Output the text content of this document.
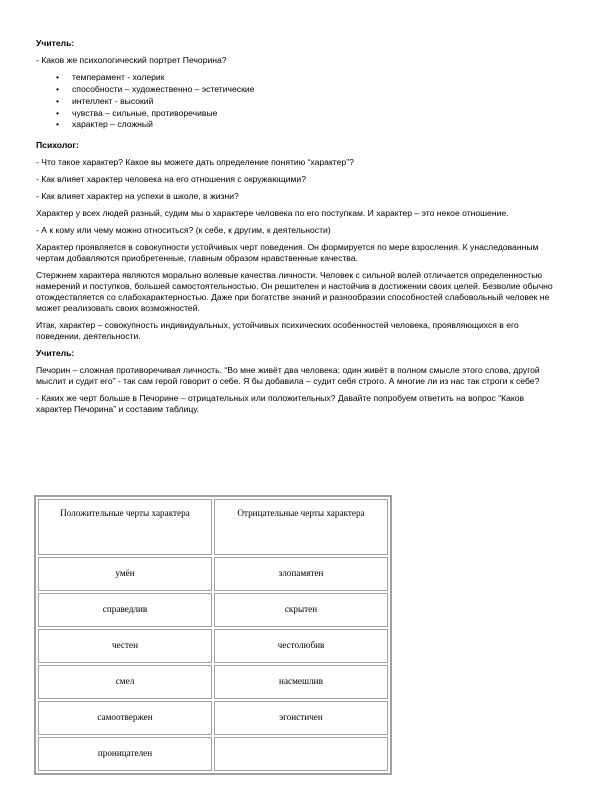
Учитель:
- Каков же психологический портрет Печорина?
• темперамент - холерик
• способности – художественно – эстетические
• интеллект - высокий
• чувства – сильные, противоречивые
• характер – сложный
Психолог:
- Что такое характер? Какое вы можете дать определение понятию “характер”?
- Как влияет характер человека на его отношения с окружающими?
- Как влияет характер на успехи в школе, в жизни?
Характер у всех людей разный, судим мы о характере человека по его поступкам. И характер – это некое отношение.
- А к кому или чему можно относиться? (к себе, к другим, к деятельности)
Характер проявляется в совокупности устойчивых черт поведения. Он формируется по мере взросления. К унаследованным чертам добавляются приобретенные, главным образом нравственные качества.
Стержнем характера являются морально волевые качества личности. Человек с сильной волей отличается определенностью намерений и поступков, большей самостоятельностью. Он решителен и настойчив в достижении своих целей. Безволие обычно отождествляется со слабохарактерностью. Даже при богатстве знаний и разнообразии способностей слабовольный человек не может реализовать своих возможностей.
Итак, характер – совокупность индивидуальных, устойчивых психических особенностей человека, проявляющихся в его поведении, деятельности.
Учитель:
Печорин – сложная противоречивая личность. “Во мне живёт два человека: один живёт в полном смысле этого слова, другой мыслит и судит его” - так сам герой говорит о себе. Я бы добавила – судит себя строго. А многие ли из нас так строги к себе?
- Каких же черт больше в Печорине – отрицательных или положительных? Давайте попробуем ответить на вопрос “Каков характер Печорина” и составим таблицу.
Положительные черты характера	Отрицательные черты характера
умён	злопамятен
справедлив	скрытен
честен	честолюбив
смел	насмешлив
самоотвержен	эгоистичен
проницателен	
